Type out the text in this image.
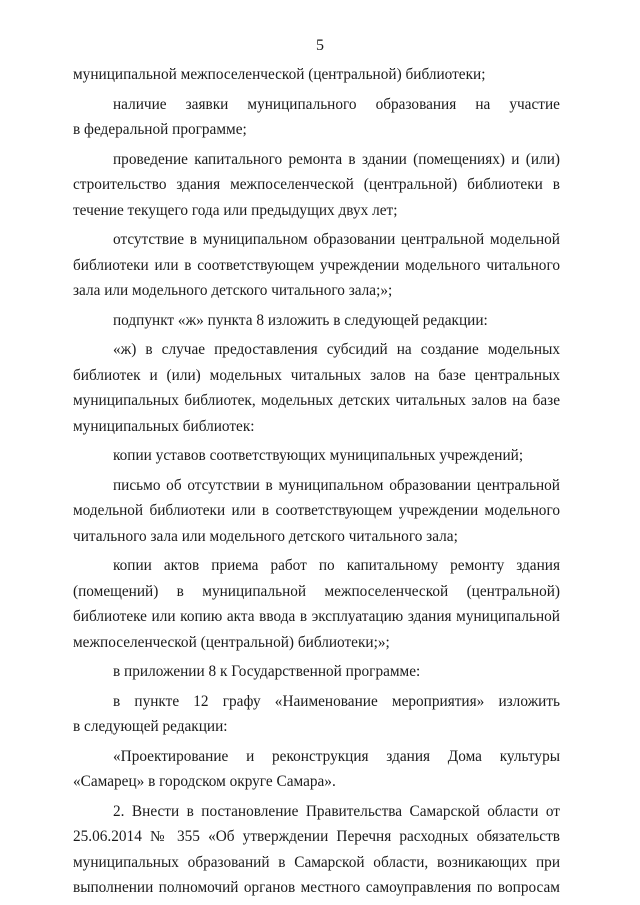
5

муниципальной межпоселенческой (центральной) библиотеки;

наличие заявки муниципального образования на участие
в федеральной программе;

проведение капитального ремонта в здании (помещениях) и (или) строительство здания межпоселенческой (центральной) библиотеки в течение текущего года или предыдущих двух лет;

отсутствие в муниципальном образовании центральной модельной библиотеки или в соответствующем учреждении модельного читального зала или модельного детского читального зала;»;

подпункт «ж» пункта 8 изложить в следующей редакции:

«ж) в случае предоставления субсидий на создание модельных библиотек и (или) модельных читальных залов на базе центральных муниципальных библиотек, модельных детских читальных залов на базе муниципальных библиотек:

копии уставов соответствующих муниципальных учреждений;

письмо об отсутствии в муниципальном образовании центральной модельной библиотеки или в соответствующем учреждении модельного читального зала или модельного детского читального зала;

копии актов приема работ по капитальному ремонту здания (помещений) в муниципальной межпоселенческой (центральной) библиотеке или копию акта ввода в эксплуатацию здания муниципальной межпоселенческой (центральной) библиотеки;»;

в приложении 8 к Государственной программе:

в пункте 12 графу «Наименование мероприятия» изложить
в следующей редакции:

«Проектирование и реконструкция здания Дома культуры «Самарец» в городском округе Самара».

2. Внести в постановление Правительства Самарской области от 25.06.2014 № 355 «Об утверждении Перечня расходных обязательств муниципальных образований в Самарской области, возникающих при выполнении полномочий органов местного самоуправления по вопросам
